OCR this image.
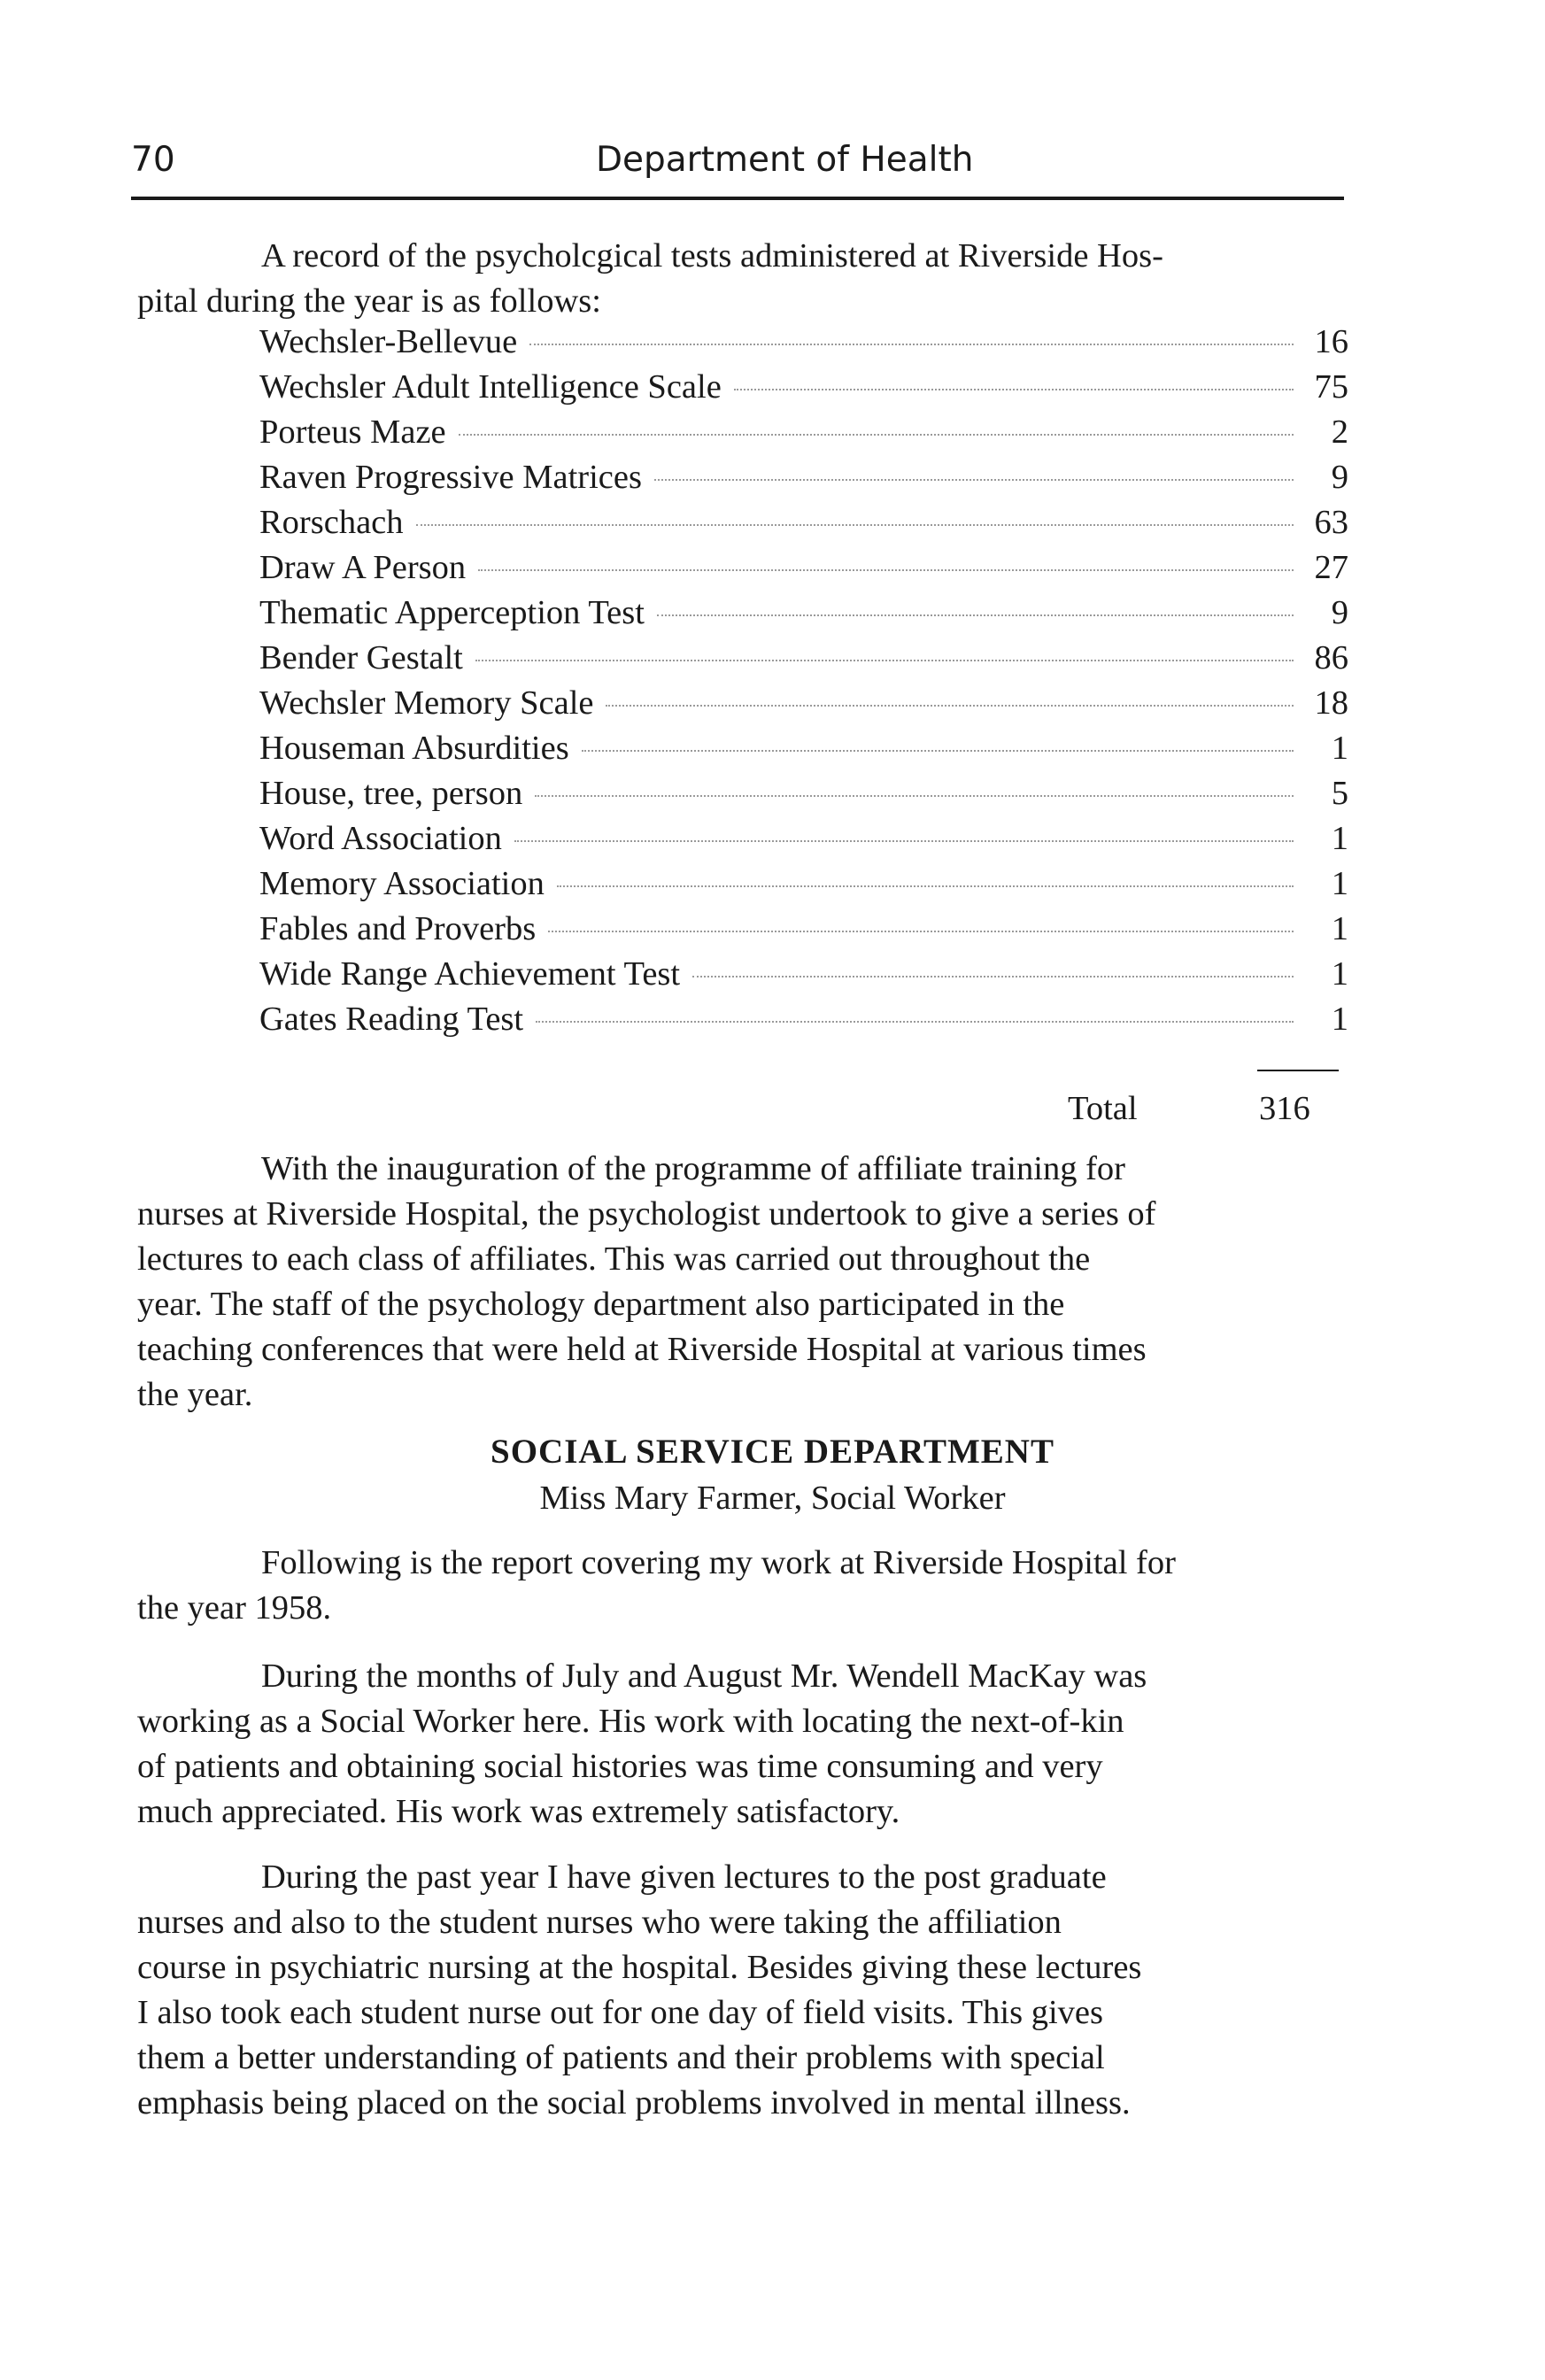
70	Department of Health
A record of the psycholcgical tests administered at Riverside Hos-
pital during the year is as follows:
Wechsler-Bellevue	16
Wechsler Adult Intelligence Scale	75
Porteus Maze	2
Raven Progressive Matrices	9
Rorschach	63
Draw A Person	27
Thematic Apperception Test	9
Bender Gestalt	86
Wechsler Memory Scale	18
Houseman Absurdities	1
House, tree, person	5
Word Association	1
Memory Association	1
Fables and Proverbs	1
Wide Range Achievement Test	1
Gates Reading Test	1
Total	316
With the inauguration of the programme of affiliate training for
nurses at Riverside Hospital, the psychologist undertook to give a series of
lectures to each class of affiliates. This was carried out throughout the
year. The staff of the psychology department also participated in the
teaching conferences that were held at Riverside Hospital at various times
the year.
SOCIAL SERVICE DEPARTMENT
Miss Mary Farmer, Social Worker
Following is the report covering my work at Riverside Hospital for
the year 1958.
During the months of July and August Mr. Wendell MacKay was
working as a Social Worker here. His work with locating the next-of-kin
of patients and obtaining social histories was time consuming and very
much appreciated. His work was extremely satisfactory.
During the past year I have given lectures to the post graduate
nurses and also to the student nurses who were taking the affiliation
course in psychiatric nursing at the hospital. Besides giving these lectures
I also took each student nurse out for one day of field visits. This gives
them a better understanding of patients and their problems with special
emphasis being placed on the social problems involved in mental illness.
